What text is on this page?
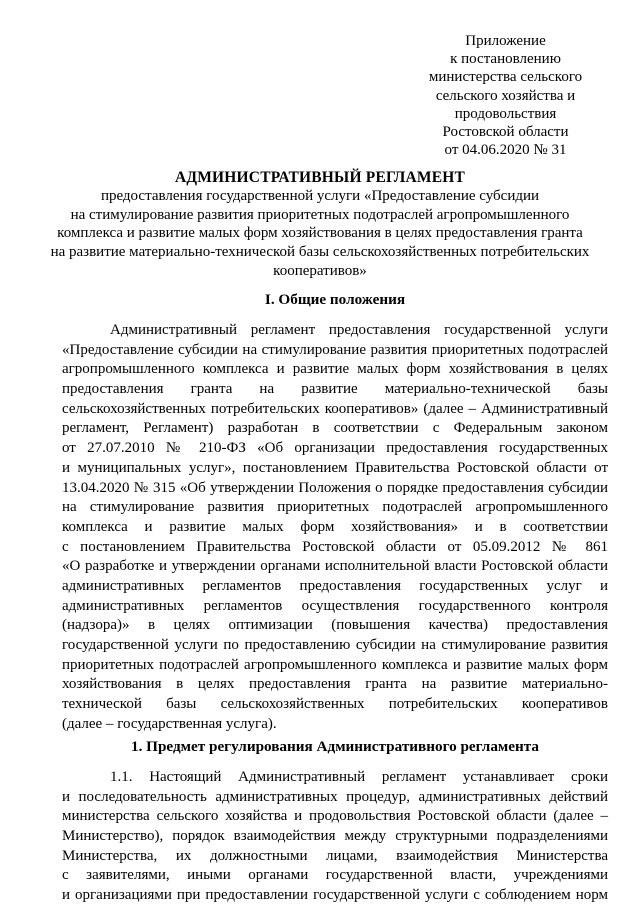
Приложение
к постановлению
министерства сельского
сельского хозяйства и
продовольствия
Ростовской области
от 04.06.2020 № 31
АДМИНИСТРАТИВНЫЙ РЕГЛАМЕНТ
предоставления государственной услуги «Предоставление субсидии
на стимулирование развития приоритетных подотраслей агропромышленного
комплекса и развитие малых форм хозяйствования в целях предоставления гранта
на развитие материально-технической базы сельскохозяйственных потребительских
кооперативов»
I. Общие положения
Административный регламент предоставления государственной услуги
«Предоставление субсидии на стимулирование развития приоритетных подотраслей
агропромышленного комплекса и развитие малых форм хозяйствования в целях
предоставления гранта на развитие материально-технической базы
сельскохозяйственных потребительских кооперативов» (далее – Административный
регламент, Регламент) разработан в соответствии с Федеральным законом
от 27.07.2010 № 210-ФЗ «Об организации предоставления государственных
и муниципальных услуг», постановлением Правительства Ростовской области от
13.04.2020 № 315 «Об утверждении Положения о порядке предоставления субсидии
на стимулирование развития приоритетных подотраслей агропромышленного
комплекса и развитие малых форм хозяйствования» и в соответствии
с постановлением Правительства Ростовской области от 05.09.2012 № 861
«О разработке и утверждении органами исполнительной власти Ростовской области
административных регламентов предоставления государственных услуг и
административных регламентов осуществления государственного контроля
(надзора)» в целях оптимизации (повышения качества) предоставления
государственной услуги по предоставлению субсидии на стимулирование развития
приоритетных подотраслей агропромышленного комплекса и развитие малых форм
хозяйствования в целях предоставления гранта на развитие материально-
технической базы сельскохозяйственных потребительских кооперативов
(далее – государственная услуга).
1. Предмет регулирования Административного регламента
1.1. Настоящий Административный регламент устанавливает сроки
и последовательность административных процедур, административных действий
министерства сельского хозяйства и продовольствия Ростовской области (далее –
Министерство), порядок взаимодействия между структурными подразделениями
Министерства, их должностными лицами, взаимодействия Министерства
с заявителями, иными органами государственной власти, учреждениями
и организациями при предоставлении государственной услуги с соблюдением норм
